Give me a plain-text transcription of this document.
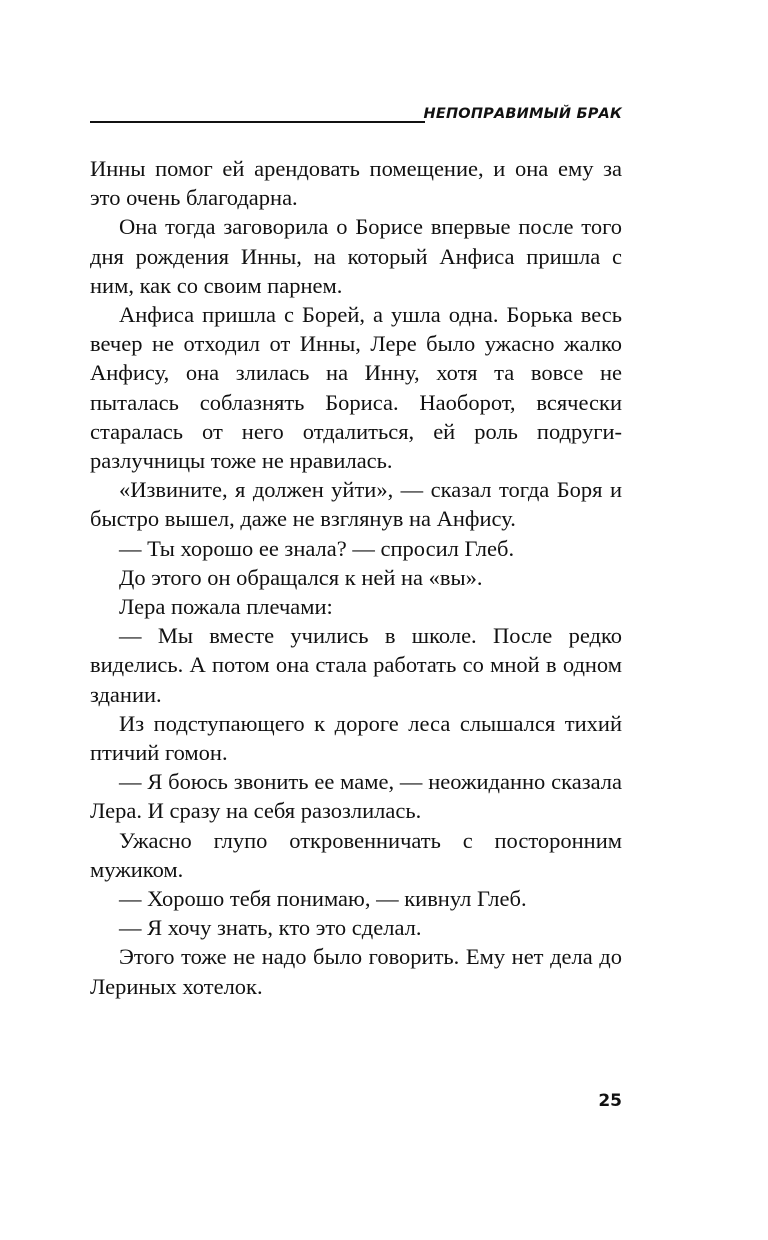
НЕПОПРАВИМЫЙ БРАК

Инны помог ей арендовать помещение, и она ему за это очень благодарна.

Она тогда заговорила о Борисе впервые после того дня рождения Инны, на который Анфиса пришла с ним, как со своим парнем.

Анфиса пришла с Борей, а ушла одна. Борька весь вечер не отходил от Инны, Лере было ужасно жалко Анфису, она злилась на Инну, хотя та вовсе не пыталась соблазнять Бориса. Наоборот, всячески старалась от него отдалиться, ей роль подруги-разлучницы тоже не нравилась.

«Извините, я должен уйти», — сказал тогда Боря и быстро вышел, даже не взглянув на Анфису.

— Ты хорошо ее знала? — спросил Глеб.

До этого он обращался к ней на «вы».

Лера пожала плечами:

— Мы вместе учились в школе. После редко виделись. А потом она стала работать со мной в одном здании.

Из подступающего к дороге леса слышался тихий птичий гомон.

— Я боюсь звонить ее маме, — неожиданно сказала Лера. И сразу на себя разозлилась.

Ужасно глупо откровенничать с посторонним мужиком.

— Хорошо тебя понимаю, — кивнул Глеб.

— Я хочу знать, кто это сделал.

Этого тоже не надо было говорить. Ему нет дела до Лериных хотелок.

25
